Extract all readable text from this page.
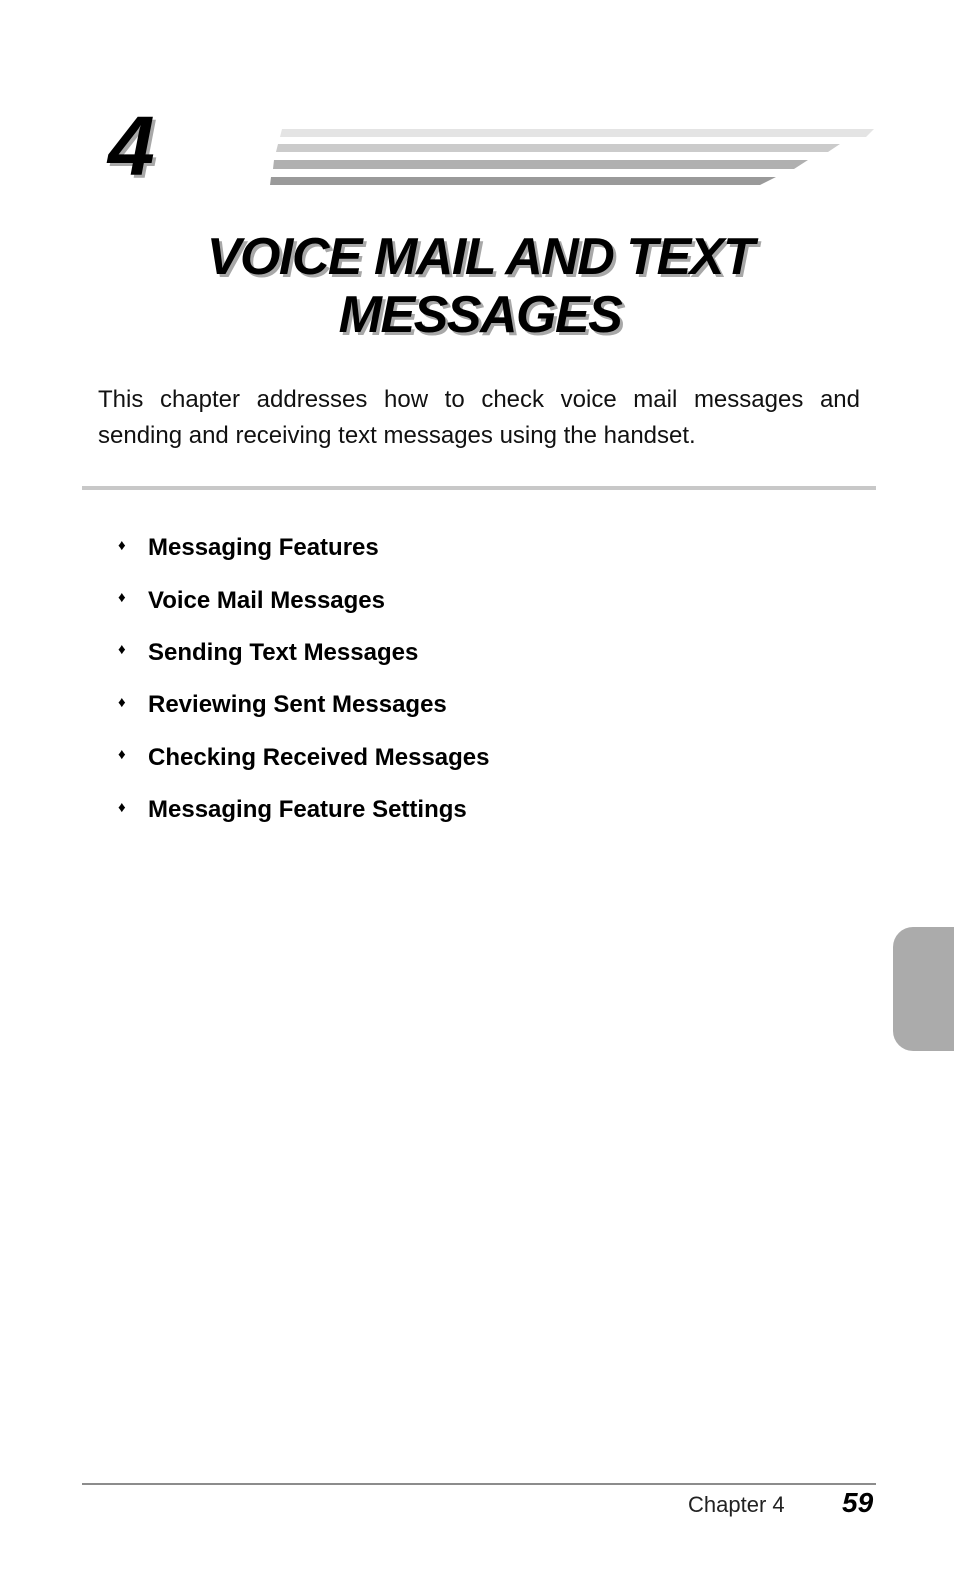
4
VOICE MAIL AND TEXT
MESSAGES

This chapter addresses how to check voice mail messages and sending and receiving text messages using the handset.

♦ Messaging Features
♦ Voice Mail Messages
♦ Sending Text Messages
♦ Reviewing Sent Messages
♦ Checking Received Messages
♦ Messaging Feature Settings
Chapter 4 59
